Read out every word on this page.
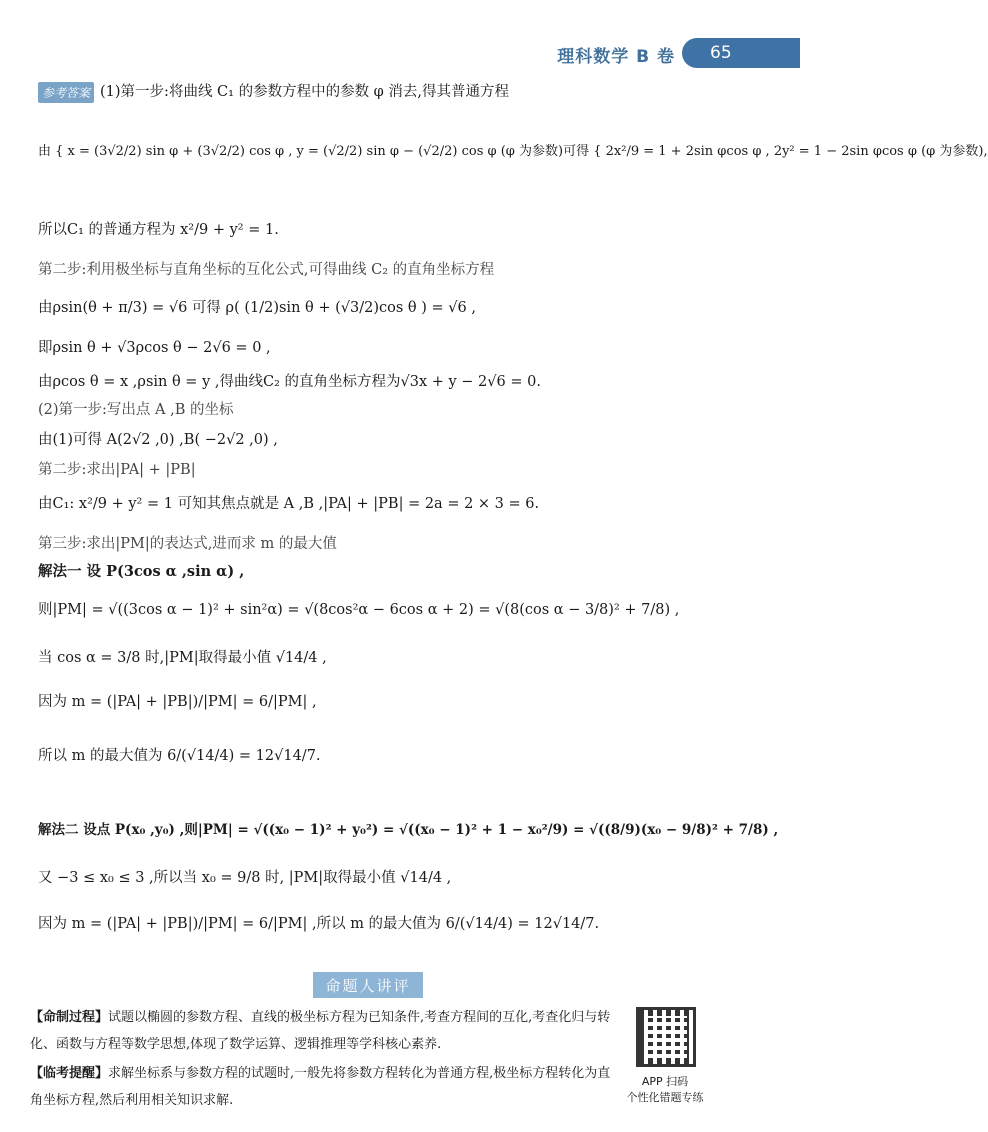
理科数学 B 卷 65
参考答案 (1)第一步:将曲线 C₁ 的参数方程中的参数 φ 消去,得其普通方程
由 { x = (3√2/2) sin φ + (3√2/2) cos φ , y = (√2/2) sin φ − (√2/2) cos φ (φ 为参数)可得 { 2x²/9 = 1 + 2sin φcos φ , 2y² = 1 − 2sin φcos φ (φ 为参数),
所以C₁ 的普通方程为 x²/9 + y² = 1.
第二步:利用极坐标与直角坐标的互化公式,可得曲线 C₂ 的直角坐标方程
由ρsin(θ + π/3) = √6 可得 ρ( (1/2)sin θ + (√3/2)cos θ ) = √6 ,
即ρsin θ + √3ρcos θ − 2√6 = 0 ,
由ρcos θ = x ,ρsin θ = y ,得曲线C₂ 的直角坐标方程为√3x + y − 2√6 = 0.
(2)第一步:写出点 A ,B 的坐标
由(1)可得 A(2√2 ,0) ,B( −2√2 ,0) ,
第二步:求出|PA| + |PB|
由C₁: x²/9 + y² = 1 可知其焦点就是 A ,B ,|PA| + |PB| = 2a = 2 × 3 = 6.
第三步:求出|PM|的表达式,进而求 m 的最大值
解法一 设 P(3cos α ,sin α) ,
则|PM| = √((3cos α − 1)² + sin²α) = √(8cos²α − 6cos α + 2) = √(8(cos α − 3/8)² + 7/8) ,
当 cos α = 3/8 时,|PM|取得最小值 √14/4 ,
因为 m = (|PA| + |PB|)/|PM| = 6/|PM| ,
所以 m 的最大值为 6/(√14/4) = 12√14/7.
解法二 设点 P(x₀ ,y₀) ,则|PM| = √((x₀ − 1)² + y₀²) = √((x₀ − 1)² + 1 − x₀²/9) = √((8/9)(x₀ − 9/8)² + 7/8) ,
又 −3 ≤ x₀ ≤ 3 ,所以当 x₀ = 9/8 时, |PM|取得最小值 √14/4 ,
因为 m = (|PA| + |PB|)/|PM| = 6/|PM| ,所以 m 的最大值为 6/(√14/4) = 12√14/7.
命题人讲评
【命制过程】试题以椭圆的参数方程、直线的极坐标方程为已知条件,考查方程间的互化,考查化归与转化、函数与方程等数学思想,体现了数学运算、逻辑推理等学科核心素养.
【临考提醒】求解坐标系与参数方程的试题时,一般先将参数方程转化为普通方程,极坐标方程转化为直角坐标方程,然后利用相关知识求解.
APP 扫码
个性化错题专练
